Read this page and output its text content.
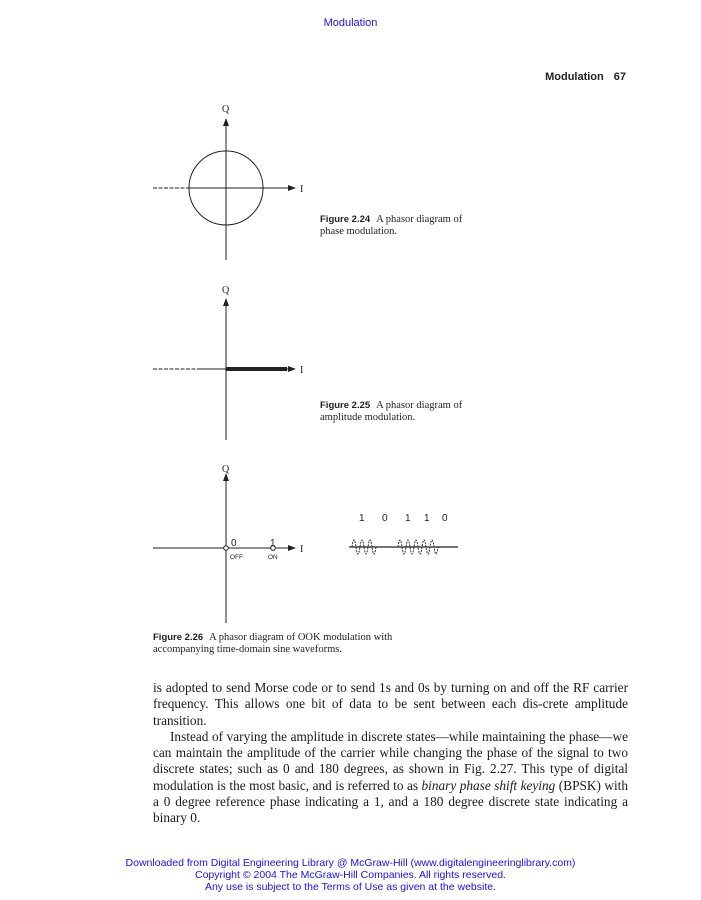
Modulation
Modulation 67
Q
I
Figure 2.24 A phasor diagram of
phase modulation.
Q
I
Figure 2.25 A phasor diagram of
amplitude modulation.
Q
I
0	1
OFF	ON
1 0 1 1 0
Figure 2.26 A phasor diagram of OOK modulation with
accompanying time-domain sine waveforms.

is adopted to send Morse code or to send 1s and 0s by turning on and off the RF carrier frequency. This allows one bit of data to be sent between each dis-crete amplitude transition.

Instead of varying the amplitude in discrete states—while maintaining the phase—we can maintain the amplitude of the carrier while changing the phase of the signal to two discrete states; such as 0 and 180 degrees, as shown in Fig. 2.27. This type of digital modulation is the most basic, and is referred to as binary phase shift keying (BPSK) with a 0 degree reference phase indicating a 1, and a 180 degree discrete state indicating a binary 0.

Downloaded from Digital Engineering Library @ McGraw-Hill (www.digitalengineeringlibrary.com)
Copyright © 2004 The McGraw-Hill Companies. All rights reserved.
Any use is subject to the Terms of Use as given at the website.
